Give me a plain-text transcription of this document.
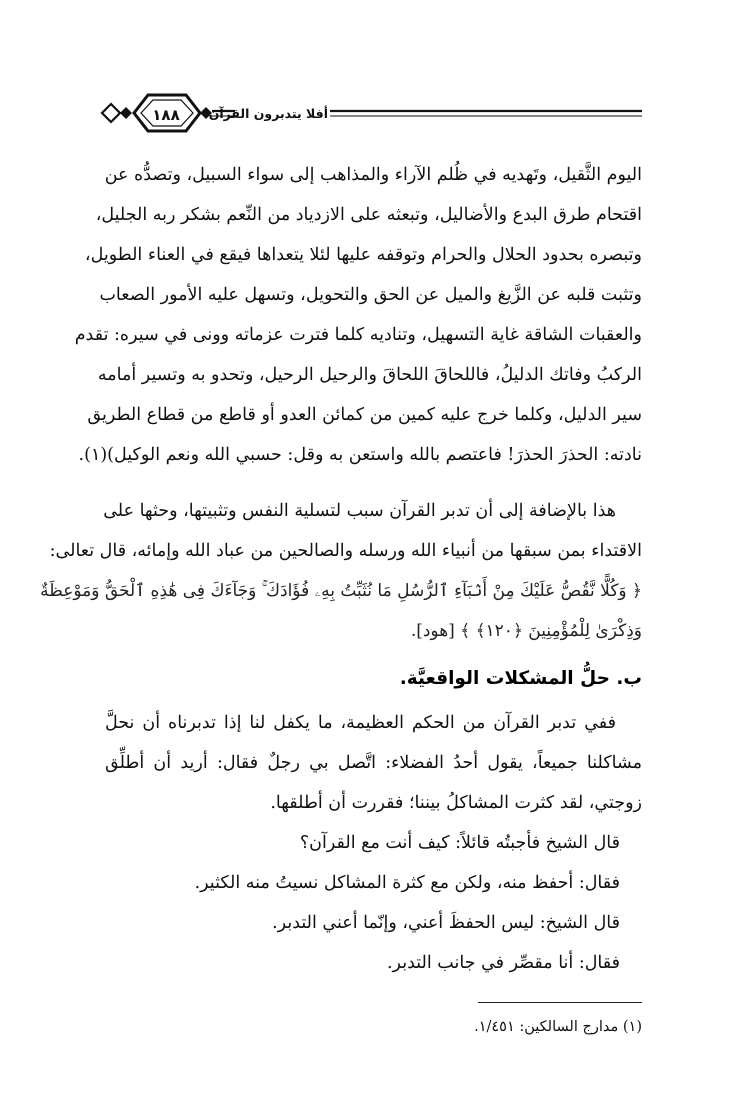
١٨٨	أفلا يتدبرون القرآن
اليوم الثَّقيل، وتَهديه في ظُلم الآراء والمذاهب إلى سواء السبيل، وتصدُّه عن
اقتحام طرق البدع والأضاليل، وتبعثه على الازدياد من النِّعم بشكر ربه الجليل،
وتبصره بحدود الحلال والحرام وتوقفه عليها لئلا يتعداها فيقع في العناء الطويل،
وتثبت قلبه عن الزَّيغ والميل عن الحق والتحويل، وتسهل عليه الأمور الصعاب
والعقبات الشاقة غاية التسهيل، وتناديه كلما فترت عزماته وونى في سيره: تقدم
الركبُ وفاتك الدليلُ، فاللحاقَ اللحاقَ والرحيل الرحيل، وتحدو به وتسير أمامه
سير الدليل، وكلما خرج عليه كمين من كمائن العدو أو قاطع من قطاع الطريق
نادته: الحذرَ الحذرَ! فاعتصم بالله واستعن به وقل: حسبي الله ونعم الوكيل)(١).
هذا بالإضافة إلى أن تدبر القرآن سبب لتسلية النفس وتثبيتها، وحثها على
الاقتداء بمن سبقها من أنبياء الله ورسله والصالحين من عباد الله وإمائه، قال تعالى:
﴿ وَكُلًّا نَّقُصُّ عَلَيْكَ مِنْ أَنۢبَآءِ ٱلرُّسُلِ مَا نُثَبِّتُ بِهِۦ فُؤَادَكَ ۚ وَجَآءَكَ فِى هَٰذِهِ ٱلْحَقُّ وَمَوْعِظَةٌ
وَذِكْرَىٰ لِلْمُؤْمِنِينَ ﴿١٢٠﴾ ﴾ [هود].
ب. حلُّ المشكلات الواقعيَّة.
ففي تدبر القرآن من الحكم العظيمة، ما يكفل لنا إذا تدبرناه أن نحلَّ
مشاكلنا جميعاً، يقول أحدُ الفضلاء: اتَّصل بي رجلٌ فقال: أريد أن أطلِّق
زوجتي، لقد كثرت المشاكلُ بيننا؛ فقررت أن أطلقها.
قال الشيخ فأجبتُه قائلاً: كيف أنت مع القرآن؟
فقال: أحفظ منه، ولكن مع كثرة المشاكل نسيتُ منه الكثير.
قال الشيخ: ليس الحفظَ أعني، وإنّما أعني التدبر.
فقال: أنا مقصِّر في جانب التدبر.
(١) مدارج السالكين: ١/٤٥١.
